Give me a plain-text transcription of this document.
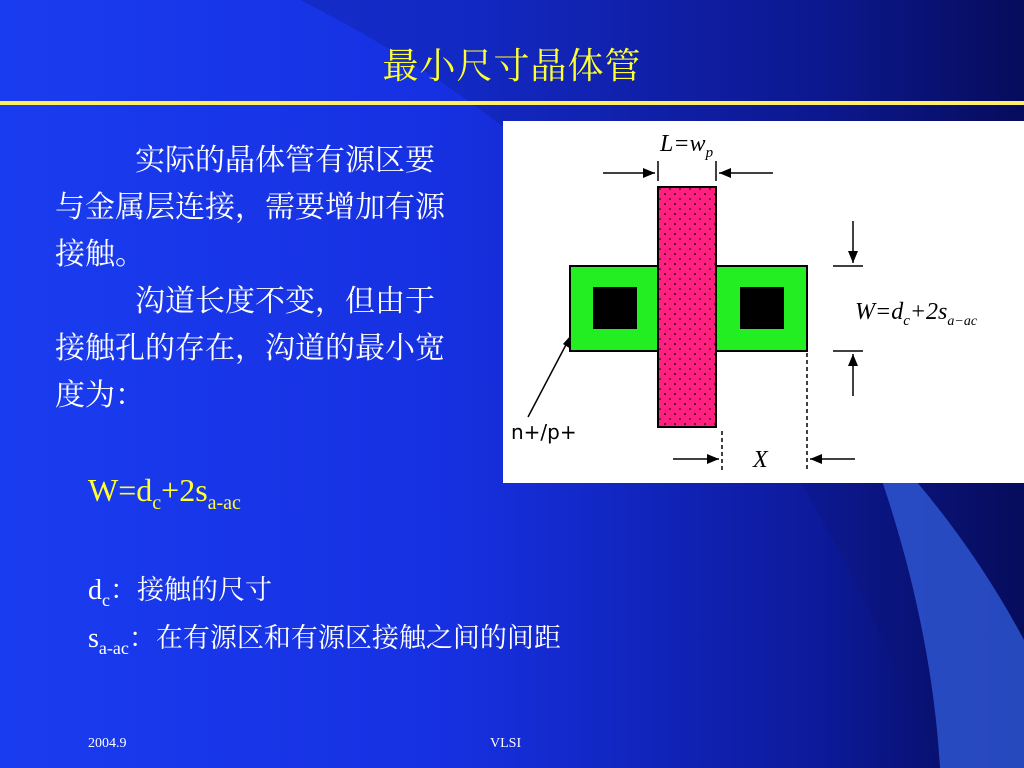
最小尺寸晶体管
实际的晶体管有源区要与金属层连接，需要增加有源接触。
沟道长度不变，但由于接触孔的存在，沟道的最小宽度为：
$W=d_c+2s_{a-ac}$
$d_c$：接触的尺寸
$s_{a-ac}$：在有源区和有源区接触之间的间距
$L=w_p$
$W=d_c+2s_{a-ac}$
X
n+/p+
2004.9	VLSI
